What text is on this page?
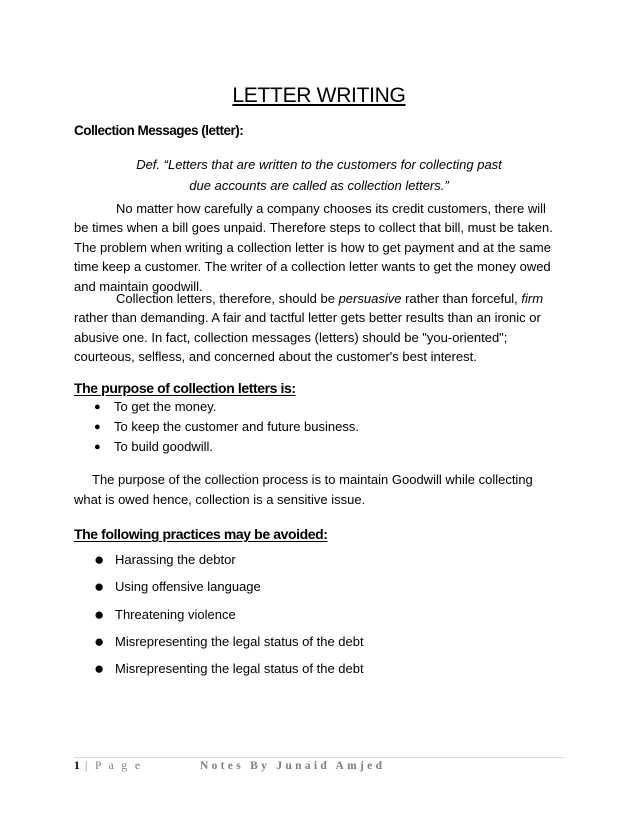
LETTER WRITING
Collection Messages (letter):
Def. “Letters that are written to the customers for collecting past
due accounts are called as collection letters.”
No matter how carefully a company chooses its credit customers, there will
be times when a bill goes unpaid. Therefore steps to collect that bill, must be taken.
The problem when writing a collection letter is how to get payment and at the same
time keep a customer. The writer of a collection letter wants to get the money owed
and maintain goodwill.
Collection letters, therefore, should be persuasive rather than forceful, firm
rather than demanding. A fair and tactful letter gets better results than an ironic or
abusive one. In fact, collection messages (letters) should be "you-oriented";
courteous, selfless, and concerned about the customer's best interest.
The purpose of collection letters is:
● To get the money.
● To keep the customer and future business.
● To build goodwill.
The purpose of the collection process is to maintain Goodwill while collecting
what is owed hence, collection is a sensitive issue.
The following practices may be avoided:
● Harassing the debtor
● Using offensive language
● Threatening violence
● Misrepresenting the legal status of the debt
● Misrepresenting the legal status of the debt
1 | P a g e	Notes By Junaid Amjed
